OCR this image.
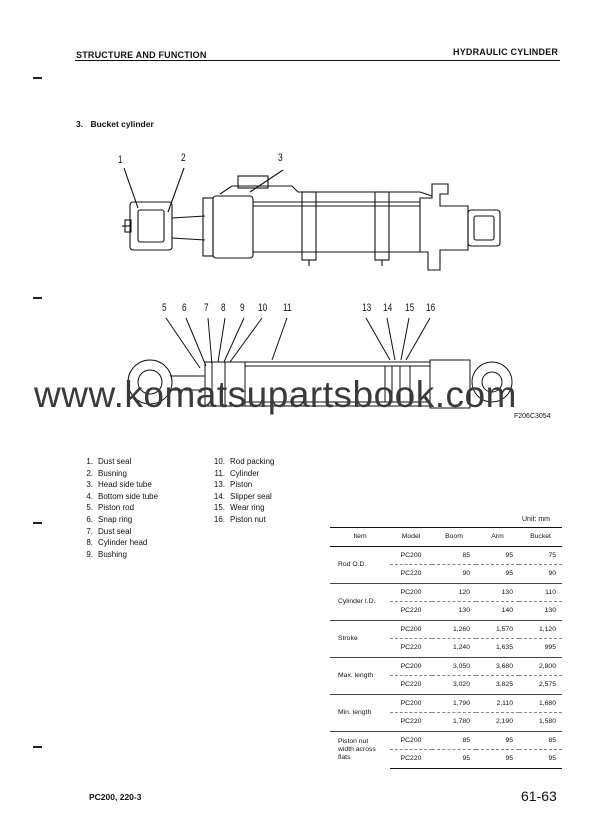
STRUCTURE AND FUNCTION	HYDRAULIC CYLINDER
3. Bucket cylinder
1	2	3
5 6 7 8 9 10 11	13 14 15 16
www.komatsupartsbook.com
F206C3054
1. Dust seal
2. Busning
3. Head side tube
4. Bottom side tube
5. Piston rod
6. Snap ring
7. Dust seal
8. Cylinder head
9. Bushing
10. Rod packing
11. Cylinder
13. Piston
14. Slipper seal
15. Wear ring
16. Piston nut	Unit: mm
Item	Model	Boom	Arm	Bucket
Rod O.D.	PC200	85	95	75
	PC220	90	95	90
Cylinder I.D.	PC200	120	130	110
	PC220	130	140	130
Stroke	PC200	1,260	1,570	1,120
	PC220	1,240	1,635	995
Max. length	PC200	3,050	3,680	2,800
	PC220	3,020	3,825	2,575
Min. length	PC200	1,790	2,110	1,680
	PC220	1,780	2,190	1,580

Piston nut
width across flats	PC200	85	95	85
	PC220	95	95	95
PC200, 220-3	61-63
